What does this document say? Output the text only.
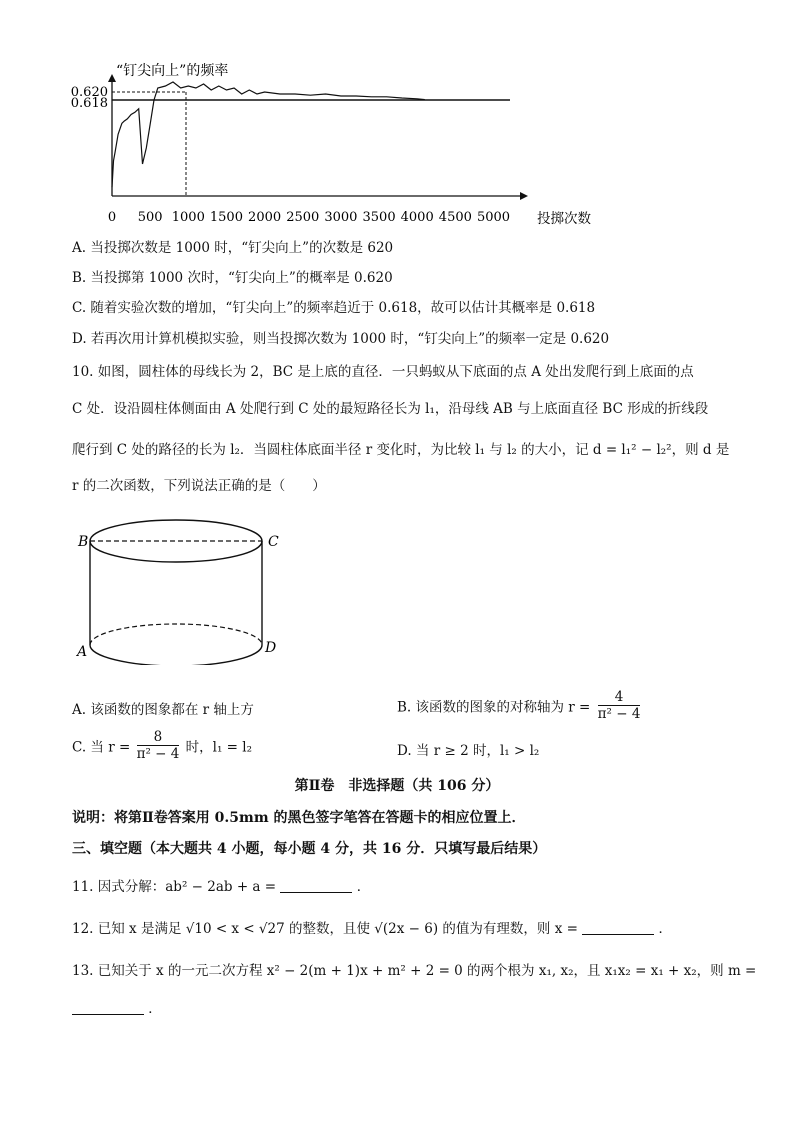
“钉尖向上”的频率
投掷次数
0 500 1000 1500 2000 2500 3000 3500 4000 4500 5000
0.620
0.618
A. 当投掷次数是 1000 时，“钉尖向上”的次数是 620
B. 当投掷第 1000 次时，“钉尖向上”的概率是 0.620
C. 随着实验次数的增加，“钉尖向上”的频率趋近于 0.618，故可以估计其概率是 0.618
D. 若再次用计算机模拟实验，则当投掷次数为 1000 时，“钉尖向上”的频率一定是 0.620
10. 如图，圆柱体的母线长为 2，BC 是上底的直径．一只蚂蚁从下底面的点 A 处出发爬行到上底面的点
C 处．设沿圆柱体侧面由 A 处爬行到 C 处的最短路径长为 l₁，沿母线 AB 与上底面直径 BC 形成的折线段
爬行到 C 处的路径的长为 l₂．当圆柱体底面半径 r 变化时，为比较 l₁ 与 l₂ 的大小，记 d = l₁² − l₂²，则 d 是
r 的二次函数，下列说法正确的是（　　）
B	C
A	D
A. 该函数的图象都在 r 轴上方	B. 该函数的图象的对称轴为 $r = \frac{4}{\text{π² − 4}}$
C. 当 $r = \frac{8}{\text{π² − 4}}$ 时，l₁ = l₂	D. 当 r ≥ 2 时，l₁ > l₂
第Ⅱ卷　非选择题（共 106 分）
说明：将第Ⅱ卷答案用 0.5mm 的黑色签字笔答在答题卡的相应位置上．
三、填空题（本大题共 4 小题，每小题 4 分，共 16 分．只填写最后结果）
11. 因式分解：ab² − 2ab + a =	．
12. 已知 x 是满足 √10 < x < √27 的整数，且使 √(2x − 6) 的值为有理数，则 x =	．
13. 已知关于 x 的一元二次方程 x² − 2(m + 1)x + m² + 2 = 0 的两个根为 x₁, x₂，且 x₁x₂ = x₁ + x₂，则 m =
．
